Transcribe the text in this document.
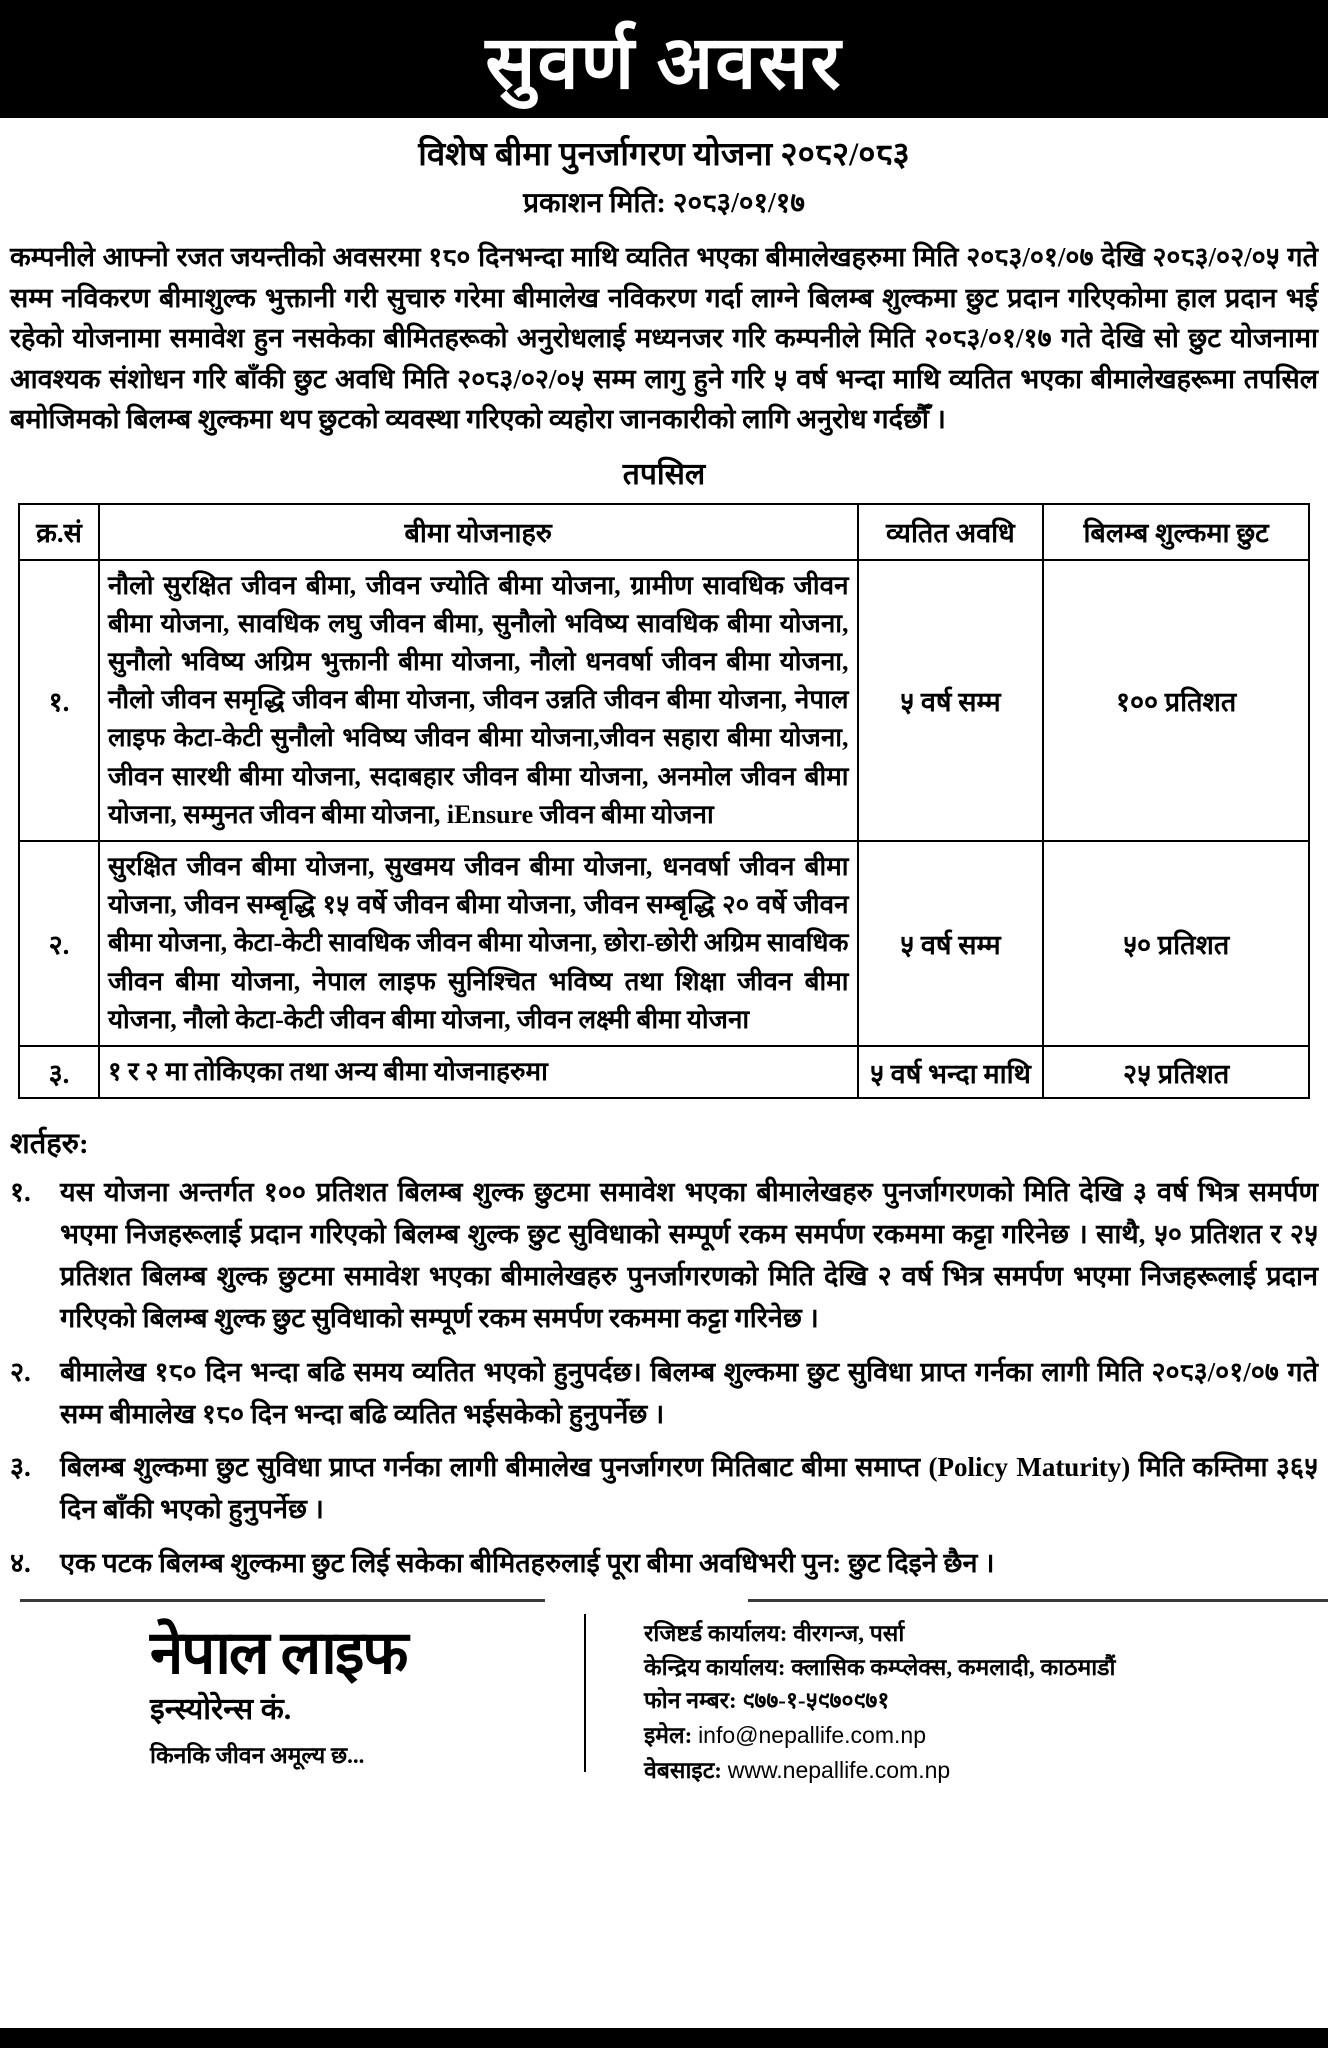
सुवर्ण अवसर
विशेष बीमा पुनर्जागरण योजना २०८२/०८३
प्रकाशन मिति: २०८३/०१/१७
कम्पनीले आफ्नो रजत जयन्तीको अवसरमा १८० दिनभन्दा माथि व्यतित भएका बीमालेखहरुमा मिति २०८३/०१/०७ देखि २०८३/०२/०५ गते सम्म नविकरण बीमाशुल्क भुक्तानी गरी सुचारु गरेमा बीमालेख नविकरण गर्दा लाग्ने बिलम्ब शुल्कमा छुट प्रदान गरिएकोमा हाल प्रदान भई रहेको योजनामा समावेश हुन नसकेका बीमितहरूको अनुरोधलाई मध्यनजर गरि कम्पनीले मिति २०८३/०१/१७ गते देखि सो छुट योजनामा आवश्यक संशोधन गरि बाँकी छुट अवधि मिति २०८३/०२/०५ सम्म लागु हुने गरि ५ वर्ष भन्दा माथि व्यतित भएका बीमालेखहरूमा तपसिल बमोजिमको बिलम्ब शुल्कमा थप छुटको व्यवस्था गरिएको व्यहोरा जानकारीको लागि अनुरोध गर्दछौँ ।
तपसिल
क्र.सं	बीमा योजनाहरु	व्यतित अवधि	बिलम्ब शुल्कमा छुट
१.	नौलो सुरक्षित जीवन बीमा, जीवन ज्योति बीमा योजना, ग्रामीण सावधिक जीवन बीमा योजना, सावधिक लघु जीवन बीमा, सुनौलो भविष्य सावधिक बीमा योजना, सुनौलो भविष्य अग्रिम भुक्तानी बीमा योजना, नौलो धनवर्षा जीवन बीमा योजना, नौलो जीवन समृद्धि जीवन बीमा योजना, जीवन उन्नति जीवन बीमा योजना, नेपाल लाइफ केटा-केटी सुनौलो भविष्य जीवन बीमा योजना,जीवन सहारा बीमा योजना, जीवन सारथी बीमा योजना, सदाबहार जीवन बीमा योजना, अनमोल जीवन बीमा योजना, सम्मुनत जीवन बीमा योजना, iEnsure जीवन बीमा योजना	५ वर्ष सम्म	१०० प्रतिशत
२.	सुरक्षित जीवन बीमा योजना, सुखमय जीवन बीमा योजना, धनवर्षा जीवन बीमा योजना, जीवन सम्बृद्धि १५ वर्षे जीवन बीमा योजना, जीवन सम्बृद्धि २० वर्षे जीवन बीमा योजना, केटा-केटी सावधिक जीवन बीमा योजना, छोरा-छोरी अग्रिम सावधिक जीवन बीमा योजना, नेपाल लाइफ सुनिश्चित भविष्य तथा शिक्षा जीवन बीमा योजना, नौलो केटा-केटी जीवन बीमा योजना, जीवन लक्ष्मी बीमा योजना	५ वर्ष सम्म	५० प्रतिशत
३.	१ र २ मा तोकिएका तथा अन्य बीमा योजनाहरुमा	५ वर्ष भन्दा माथि	२५ प्रतिशत
शर्तहरु:
१.	यस योजना अन्तर्गत १०० प्रतिशत बिलम्ब शुल्क छुटमा समावेश भएका बीमालेखहरु पुनर्जागरणको मिति देखि ३ वर्ष भित्र समर्पण भएमा निजहरूलाई प्रदान गरिएको बिलम्ब शुल्क छुट सुविधाको सम्पूर्ण रकम समर्पण रकममा कट्टा गरिनेछ । साथै, ५० प्रतिशत र २५ प्रतिशत बिलम्ब शुल्क छुटमा समावेश भएका बीमालेखहरु पुनर्जागरणको मिति देखि २ वर्ष भित्र समर्पण भएमा निजहरूलाई प्रदान गरिएको बिलम्ब शुल्क छुट सुविधाको सम्पूर्ण रकम समर्पण रकममा कट्टा गरिनेछ ।
२.	बीमालेख १८० दिन भन्दा बढि समय व्यतित भएको हुनुपर्दछ। बिलम्ब शुल्कमा छुट सुविधा प्राप्त गर्नका लागी मिति २०८३/०१/०७ गते सम्म बीमालेख १८० दिन भन्दा बढि व्यतित भईसकेको हुनुपर्नेछ ।
३.	बिलम्ब शुल्कमा छुट सुविधा प्राप्त गर्नका लागी बीमालेख पुनर्जागरण मितिबाट बीमा समाप्त (Policy Maturity) मिति कम्तिमा ३६५ दिन बाँकी भएको हुनुपर्नेछ ।
४.	एक पटक बिलम्ब शुल्कमा छुट लिई सकेका बीमितहरुलाई पूरा बीमा अवधिभरी पुन: छुट दिइने छैन ।
नेपाल लाइफ
इन्स्योरेन्स कं.
किनकि जीवन अमूल्य छ...
रजिष्टर्ड कार्यालय: वीरगन्ज, पर्सा
केन्द्रिय कार्यालय: क्लासिक कम्प्लेक्स, कमलादी, काठमाडौं
फोन नम्बर: ९७७-१-५९७०९७१
इमेल: info@nepallife.com.np
वेबसाइट: www.nepallife.com.np
